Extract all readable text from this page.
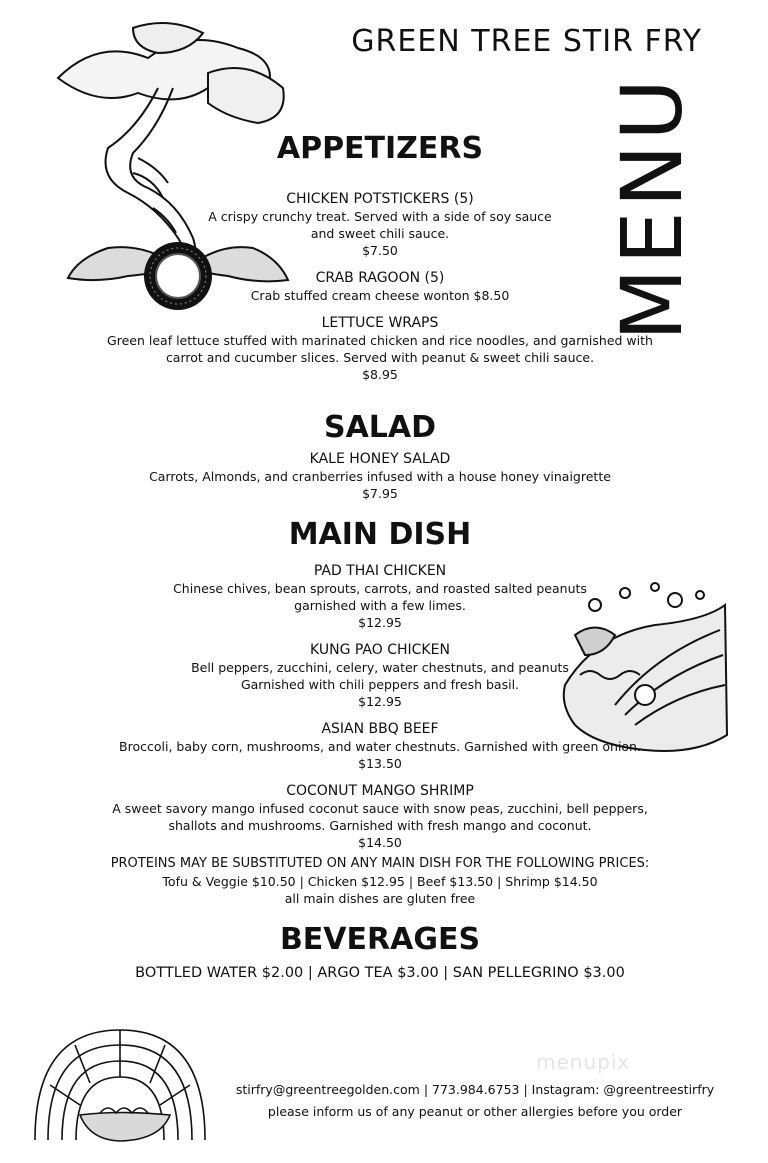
GREEN TREE STIR FRY
MENU
APPETIZERS
CHICKEN POTSTICKERS (5)
A crispy crunchy treat. Served with a side of soy sauce
and sweet chili sauce.
$7.50
CRAB RAGOON (5)
Crab stuffed cream cheese wonton $8.50
LETTUCE WRAPS
Green leaf lettuce stuffed with marinated chicken and rice noodles, and garnished with
carrot and cucumber slices. Served with peanut & sweet chili sauce.
$8.95
SALAD
KALE HONEY SALAD
Carrots, Almonds, and cranberries infused with a house honey vinaigrette
$7.95
MAIN DISH
PAD THAI CHICKEN
Chinese chives, bean sprouts, carrots, and roasted salted peanuts
garnished with a few limes.
$12.95
KUNG PAO CHICKEN
Bell peppers, zucchini, celery, water chestnuts, and peanuts
Garnished with chili peppers and fresh basil.
$12.95
ASIAN BBQ BEEF
Broccoli, baby corn, mushrooms, and water chestnuts. Garnished with green onion.
$13.50
COCONUT MANGO SHRIMP
A sweet savory mango infused coconut sauce with snow peas, zucchini, bell peppers,
shallots and mushrooms. Garnished with fresh mango and coconut.
$14.50
PROTEINS MAY BE SUBSTITUTED ON ANY MAIN DISH FOR THE FOLLOWING PRICES:
Tofu & Veggie $10.50 | Chicken $12.95 | Beef $13.50 | Shrimp $14.50
all main dishes are gluten free
BEVERAGES
BOTTLED WATER $2.00 | ARGO TEA $3.00 | SAN PELLEGRINO $3.00
menupix
stirfry@greentreegolden.com | 773.984.6753 | Instagram: @greentreestirfry
please inform us of any peanut or other allergies before you order
